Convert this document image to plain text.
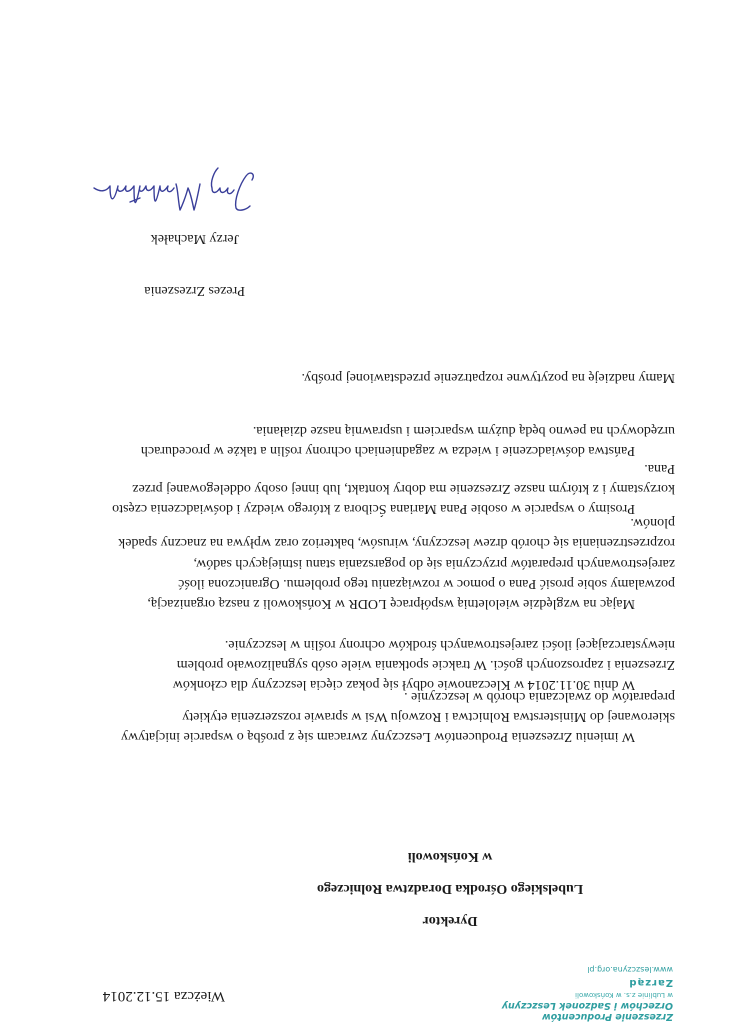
Zrzeszenie Producentów
Orzechów i Sadzonek Leszczyny
w Lublinie z.s. w Końskowoli
Zarząd
www.leszczyna.org.pl
Wieżcza 15.12.2014
Dyrektor
Lubelskiego Ośrodka Doradztwa Rolniczego
w Końskowoli

W imieniu Zrzeszenia Producentów Leszczyny zwracam się z prośbą o wsparcie inicjatywy
skierowanej do Ministerstwa Rolnictwa i Rozwoju Wsi w sprawie rozszerzenia etykiety
preparatów do zwalczania chorób w leszczynie .

W dniu 30.11.2014 w Kleczanowie odbył się pokaz cięcia leszczyny dla członków
Zrzeszenia i zaproszonych gości. W trakcie spotkania wiele osób sygnalizowało problem
niewystarczającej ilości zarejestrowanych środków ochrony roślin w leszczynie.

Mając na względzie wieloletnią współpracę LODR w Końskowoli z naszą organizacją,
pozwalamy sobie prosić Pana o pomoc w rozwiązaniu tego problemu. Ograniczona ilość
zarejestrowanych preparatów przyczynia się do pogarszania stanu istniejących sadów,
rozprzestrzeniania się chorób drzew leszczyny, wirusów, bakterioz oraz wpływa na znaczny spadek
plonów.

Prosimy o wsparcie w osobie Pana Mariana Ścibora z którego wiedzy i doświadczenia często
korzystamy i z którym nasze Zrzeszenie ma dobry kontakt, lub innej osoby oddelegowanej przez
Pana.

Państwa doświadczenie i wiedza w zagadnieniach ochrony roślin a także w procedurach
urzędowych na pewno będą dużym wsparciem i usprawnią nasze działania.

Mamy nadzieję na pozytywne rozpatrzenie przedstawionej prośby.

Prezes Zrzeszenia
Jerzy Machałek
